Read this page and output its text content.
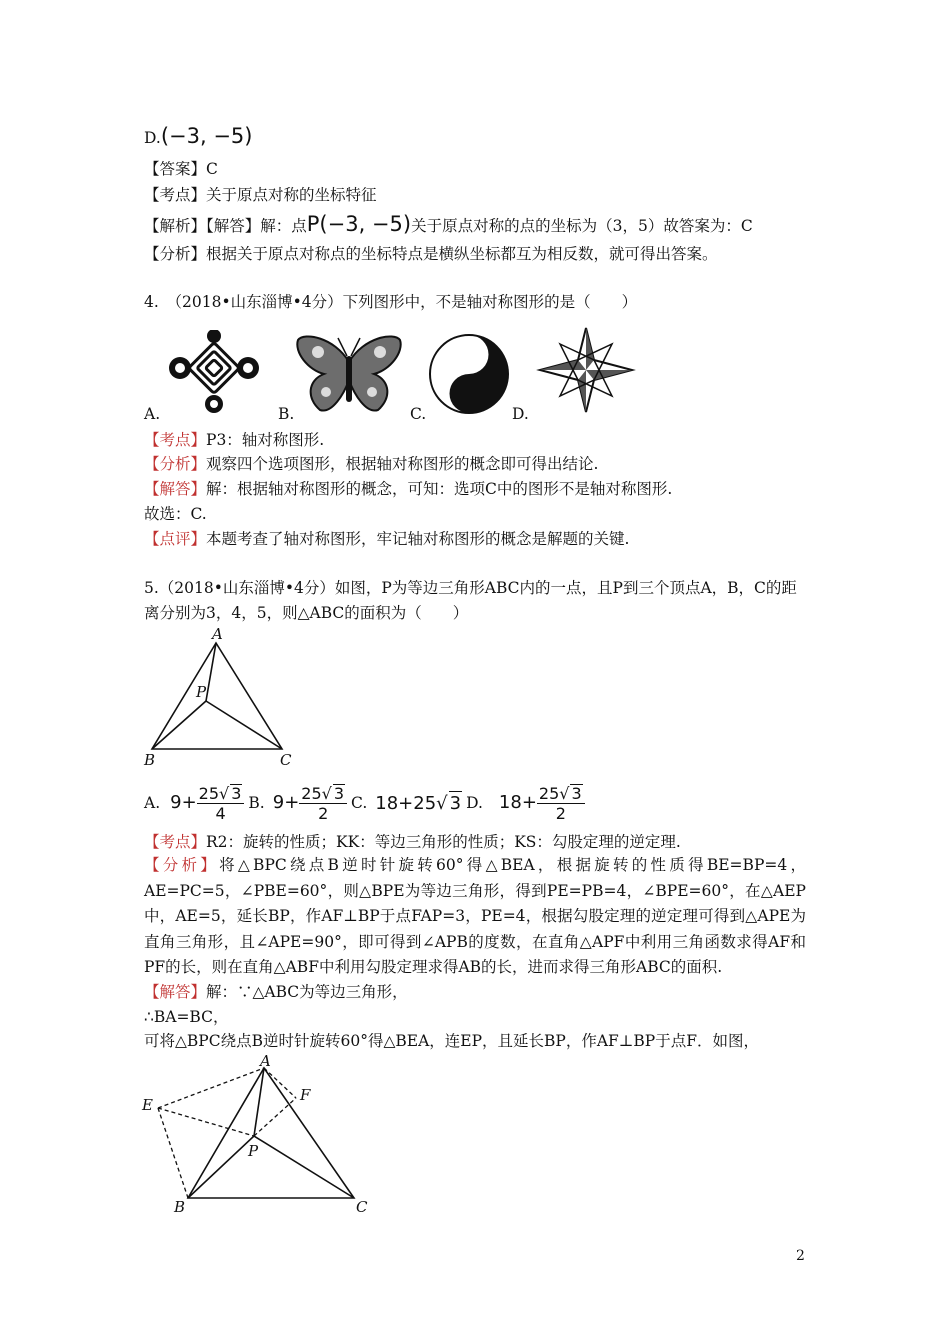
D.(−3, −5)
【答案】C
【考点】关于原点对称的坐标特征
【解析】【解答】解：点P(−3, −5)关于原点对称的点的坐标为（3，5）故答案为：C
【分析】根据关于原点对称点的坐标特点是横纵坐标都互为相反数，就可得出答案。
4.　（2018•山东淄博•4分）下列图形中，不是轴对称图形的是（　　）
A.	B.	C.	D.
【考点】P3：轴对称图形.
【分析】观察四个选项图形，根据轴对称图形的概念即可得出结论.
【解答】解：根据轴对称图形的概念，可知：选项C中的图形不是轴对称图形.
故选：C.
【点评】本题考查了轴对称图形，牢记轴对称图形的概念是解题的关键.
5.（2018•山东淄博•4分）如图，P为等边三角形ABC内的一点，且P到三个顶点A，B，C的距
离分别为3，4，5，则△ABC的面积为（　　）
A
B	C
P
A. $9+ \frac{25√ 3}{4} B$. $9+ \frac{25√ 3}{2} C$. 18+25√ 3 D. $18+ \frac{25√ 3}{2}$
【考点】R2：旋转的性质；KK：等边三角形的性质；KS：勾股定理的逆定理.
【分析】将△BPC绕点B逆时针旋转60°得△BEA，根据旋转的性质得BE=BP=4，AE=PC=5，∠PBE=60°，则△BPE为等边三角形，得到PE=PB=4，∠BPE=60°，在△AEP中，AE=5，延长BP，作AF⊥BP于点FAP=3，PE=4，根据勾股定理的逆定理可得到△APE为直角三角形，且∠APE=90°，即可得到∠APB的度数，在直角△APF中利用三角函数求得AF和PF的长，则在直角△ABF中利用勾股定理求得AB的长，进而求得三角形ABC的面积.
【解答】解：∵△ABC为等边三角形，
∴BA=BC，
可将△BPC绕点B逆时针旋转60°得△BEA，连EP，且延长BP，作AF⊥BP于点F．如图，
A
E
F
P
B	C
2
